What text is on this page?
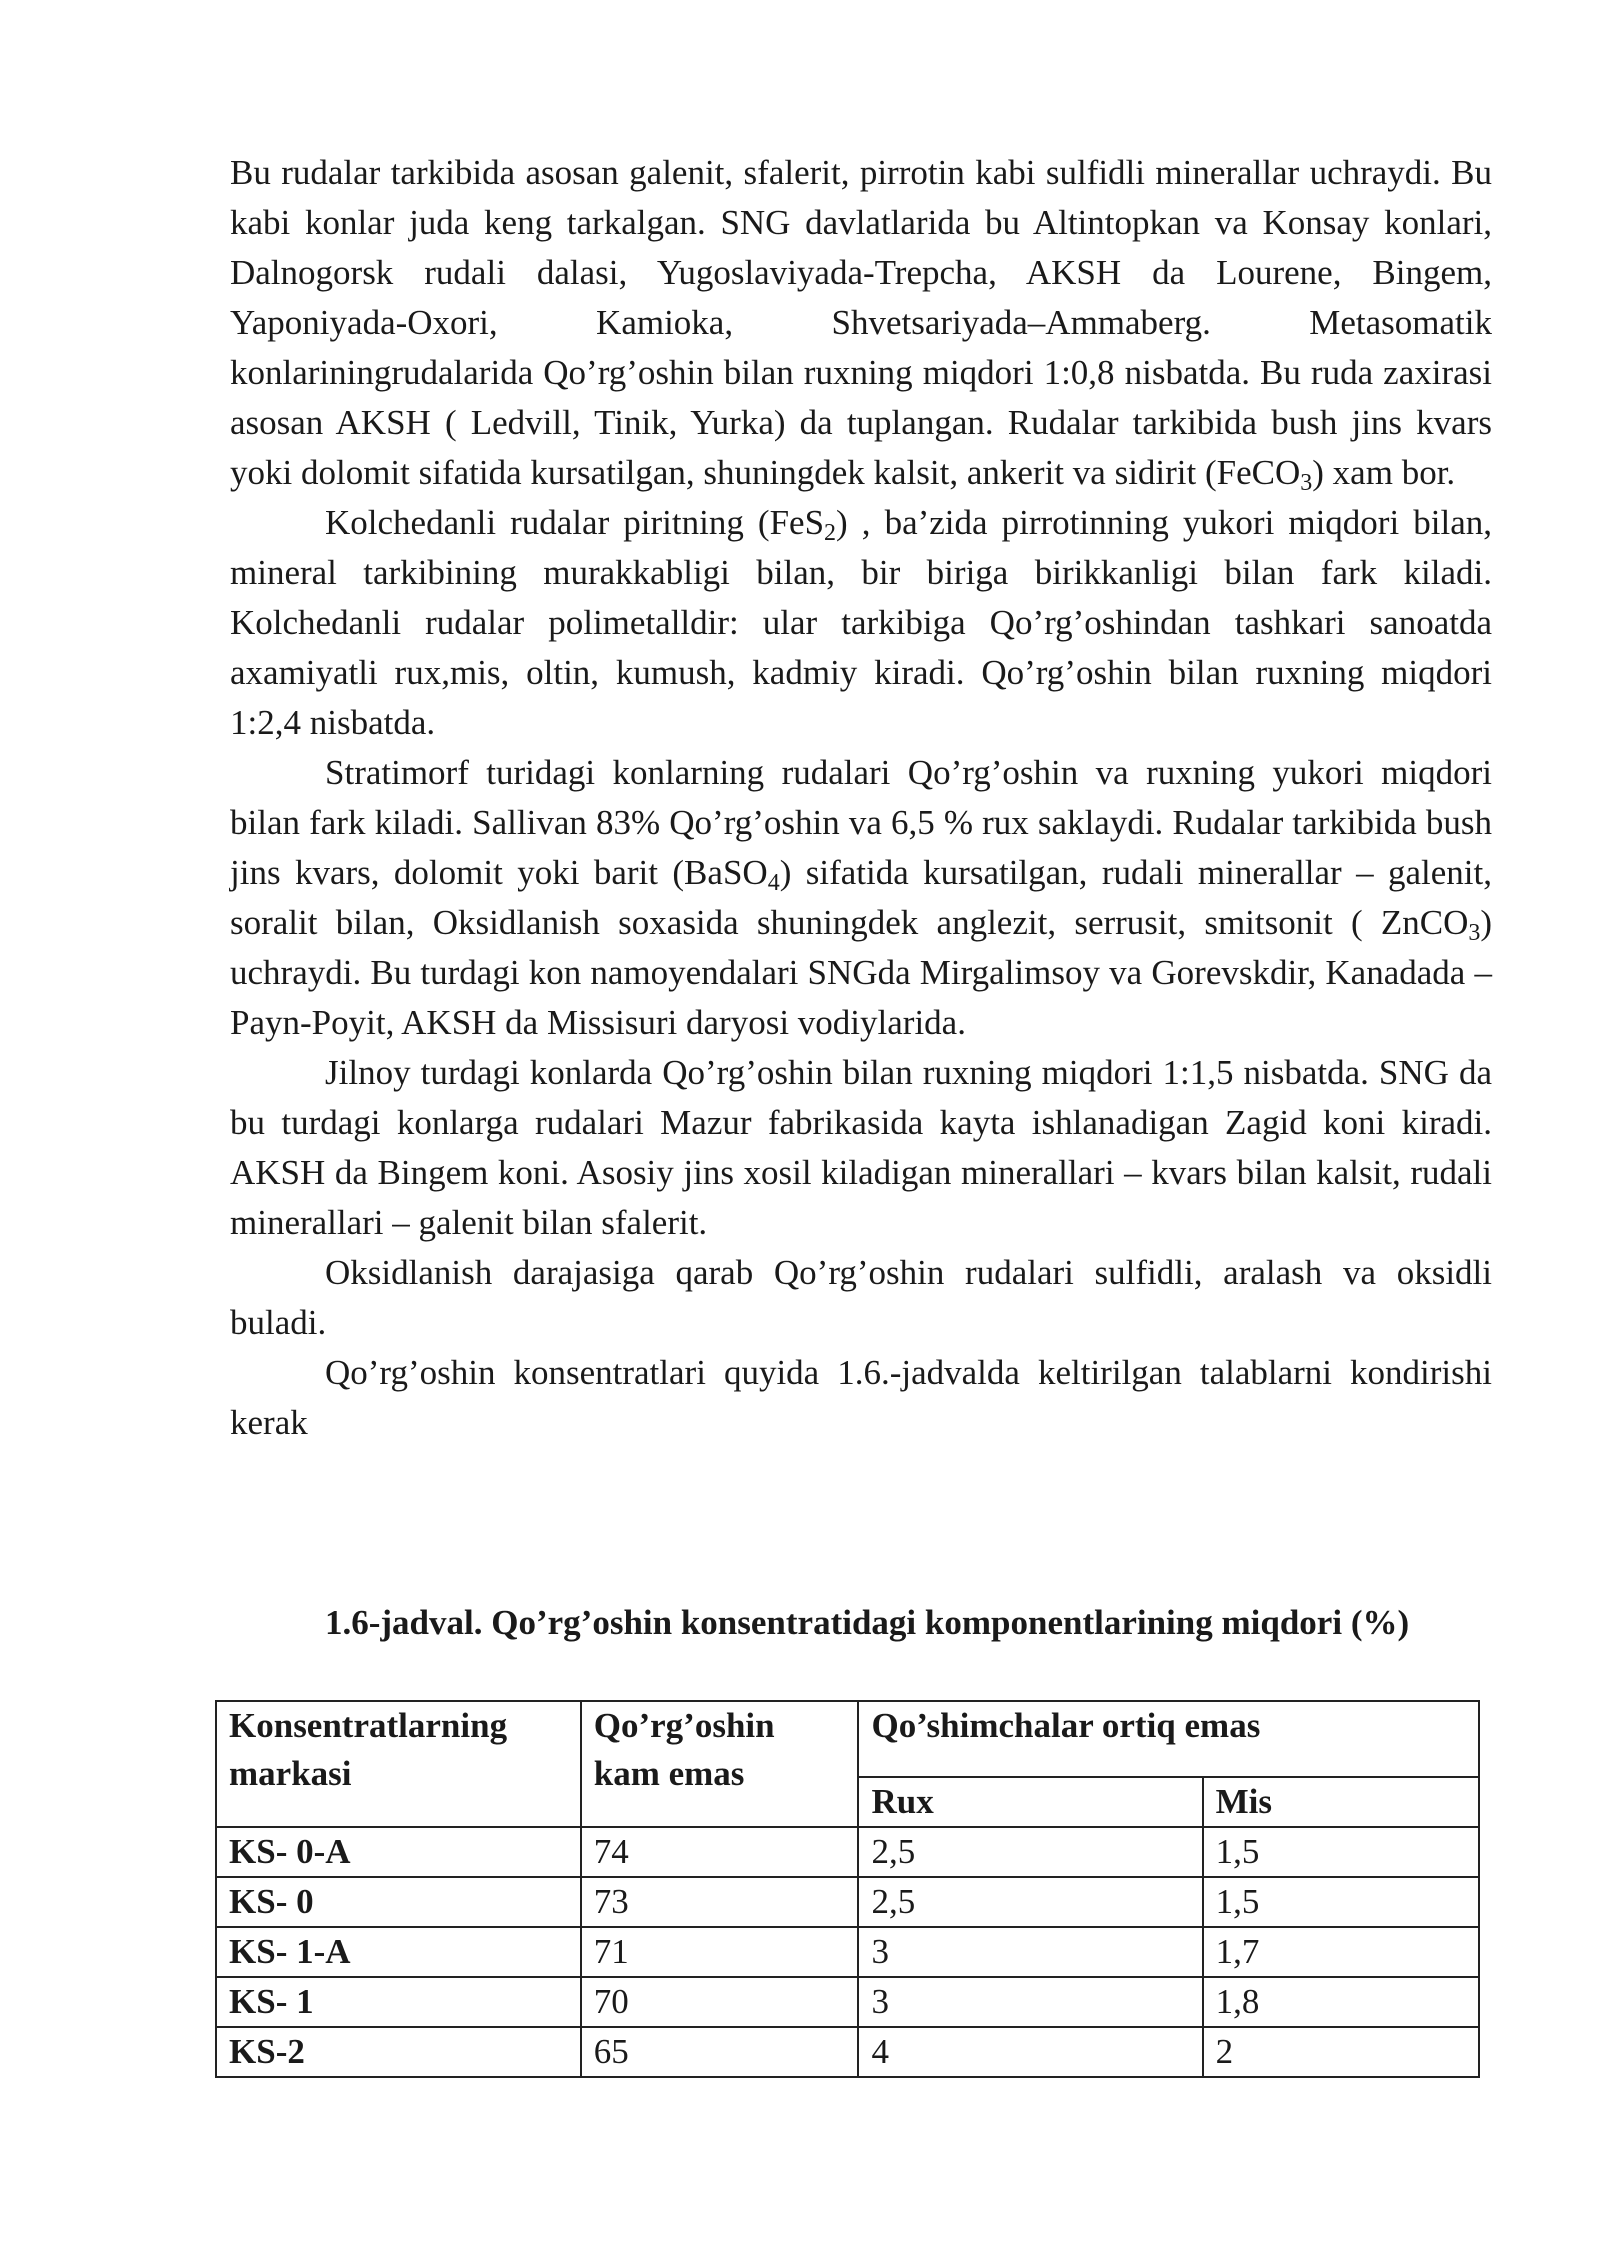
Bu rudalar tarkibida asosan galenit, sfalerit, pirrotin kabi sulfidli minerallar uchraydi. Bu kabi konlar juda keng tarkalgan. SNG davlatlarida bu Altintopkan va Konsay konlari, Dalnogorsk rudali dalasi, Yugoslaviyada-Trepcha, AKSH da Lourene, Bingem, Yaponiyada-Oxori, Kamioka, Shvetsariyada–Ammaberg. Metasomatik konlariningrudalarida Qo’rg’oshin bilan ruxning miqdori 1:0,8 nisbatda. Bu ruda zaxirasi asosan AKSH ( Ledvill, Tinik, Yurka) da tuplangan. Rudalar tarkibida bush jins kvars yoki dolomit sifatida kursatilgan, shuningdek kalsit, ankerit va sidirit (FeCO$_3$) xam bor.

Kolchedanli rudalar piritning (FeS$_2$) , ba’zida pirrotinning yukori miqdori bilan, mineral tarkibining murakkabligi bilan, bir biriga birikkanligi bilan fark kiladi. Kolchedanli rudalar polimetalldir: ular tarkibiga Qo’rg’oshindan tashkari sanoatda axamiyatli rux,mis, oltin, kumush, kadmiy kiradi. Qo’rg’oshin bilan ruxning miqdori 1:2,4 nisbatda.

Stratimorf turidagi konlarning rudalari Qo’rg’oshin va ruxning yukori miqdori bilan fark kiladi. Sallivan 83% Qo’rg’oshin va 6,5 % rux saklaydi. Rudalar tarkibida bush jins kvars, dolomit yoki barit (BaSO$_4$) sifatida kursatilgan, rudali minerallar – galenit, soralit bilan, Oksidlanish soxasida shuningdek anglezit, serrusit, smitsonit ( ZnCO$_3$) uchraydi. Bu turdagi kon namoyendalari SNGda Mirgalimsoy va Gorevskdir, Kanadada – Payn-Poyit, AKSH da Missisuri daryosi vodiylarida.

Jilnoy turdagi konlarda Qo’rg’oshin bilan ruxning miqdori 1:1,5 nisbatda. SNG da bu turdagi konlarga rudalari Mazur fabrikasida kayta ishlanadigan Zagid koni kiradi. AKSH da Bingem koni. Asosiy jins xosil kiladigan minerallari – kvars bilan kalsit, rudali minerallari – galenit bilan sfalerit.

Oksidlanish darajasiga qarab Qo’rg’oshin rudalari sulfidli, aralash va oksidli buladi.

Qo’rg’oshin konsentratlari quyida 1.6.-jadvalda keltirilgan talablarni kondirishi kerak

1.6-jadval. Qo’rg’oshin konsentratidagi komponentlarining miqdori (%)
Konsentratlarning markasi	Qo’rg’oshin kam emas	Qo’shimchalar ortiq emas	
		Rux	Mis
KS- 0-A	74	2,5	1,5
KS- 0	73	2,5	1,5
KS- 1-A	71	3	1,7
KS- 1	70	3	1,8
KS-2	65	4	2
